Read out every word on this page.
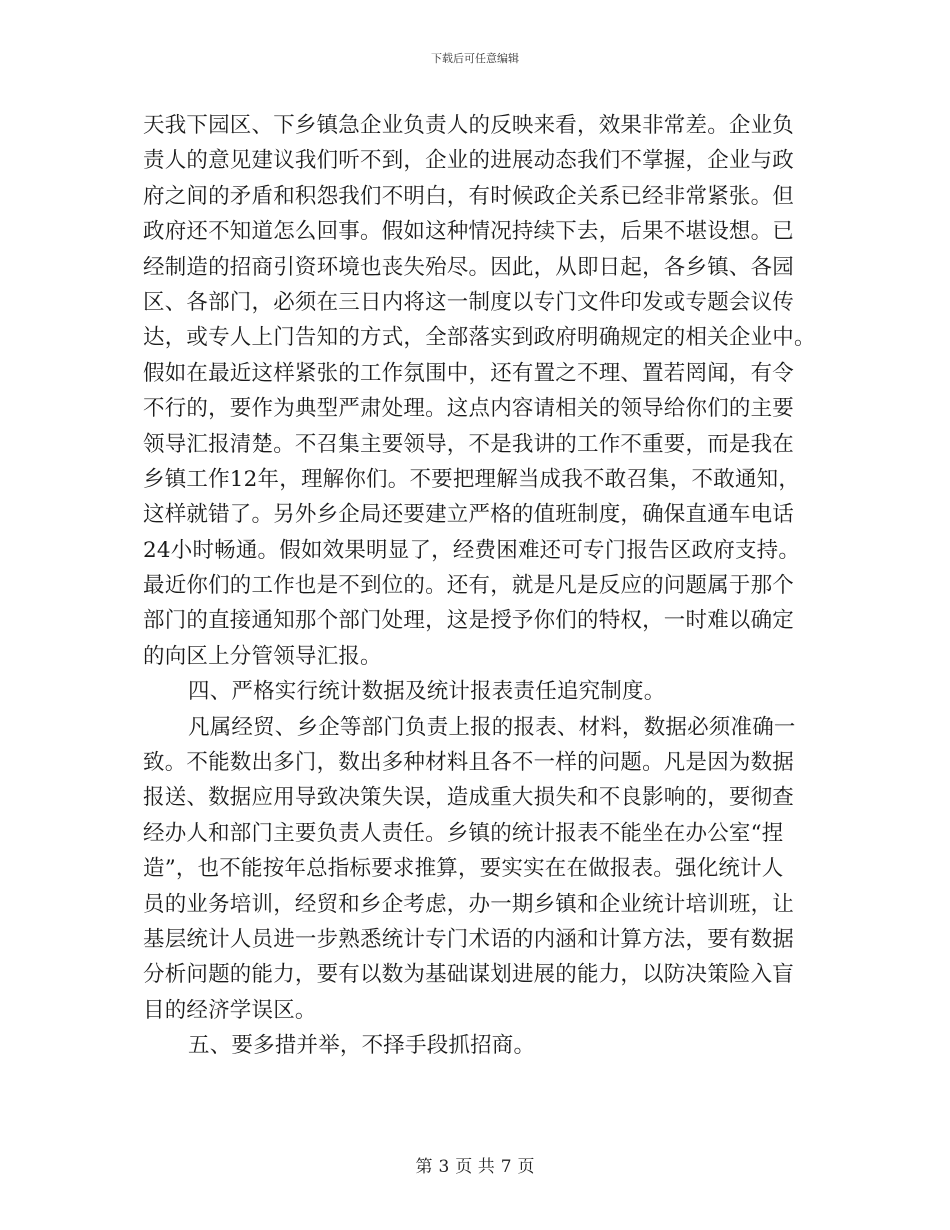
下载后可任意编辑
天我下园区、下乡镇急企业负责人的反映来看，效果非常差。企业负
责人的意见建议我们听不到，企业的进展动态我们不掌握，企业与政
府之间的矛盾和积怨我们不明白，有时候政企关系已经非常紧张。但
政府还不知道怎么回事。假如这种情况持续下去，后果不堪设想。已
经制造的招商引资环境也丧失殆尽。因此，从即日起，各乡镇、各园
区、各部门，必须在三日内将这一制度以专门文件印发或专题会议传
达，或专人上门告知的方式，全部落实到政府明确规定的相关企业中。
假如在最近这样紧张的工作氛围中，还有置之不理、置若罔闻，有令
不行的，要作为典型严肃处理。这点内容请相关的领导给你们的主要
领导汇报清楚。不召集主要领导，不是我讲的工作不重要，而是我在
乡镇工作12年，理解你们。不要把理解当成我不敢召集，不敢通知，
这样就错了。另外乡企局还要建立严格的值班制度，确保直通车电话
24小时畅通。假如效果明显了，经费困难还可专门报告区政府支持。
最近你们的工作也是不到位的。还有，就是凡是反应的问题属于那个
部门的直接通知那个部门处理，这是授予你们的特权，一时难以确定
的向区上分管领导汇报。
四、严格实行统计数据及统计报表责任追究制度。
凡属经贸、乡企等部门负责上报的报表、材料，数据必须准确一
致。不能数出多门，数出多种材料且各不一样的问题。凡是因为数据
报送、数据应用导致决策失误，造成重大损失和不良影响的，要彻查
经办人和部门主要负责人责任。乡镇的统计报表不能坐在办公室“捏
造”，也不能按年总指标要求推算，要实实在在做报表。强化统计人
员的业务培训，经贸和乡企考虑，办一期乡镇和企业统计培训班，让
基层统计人员进一步熟悉统计专门术语的内涵和计算方法，要有数据
分析问题的能力，要有以数为基础谋划进展的能力，以防决策险入盲
目的经济学误区。
五、要多措并举，不择手段抓招商。
第 3 页 共 7 页
